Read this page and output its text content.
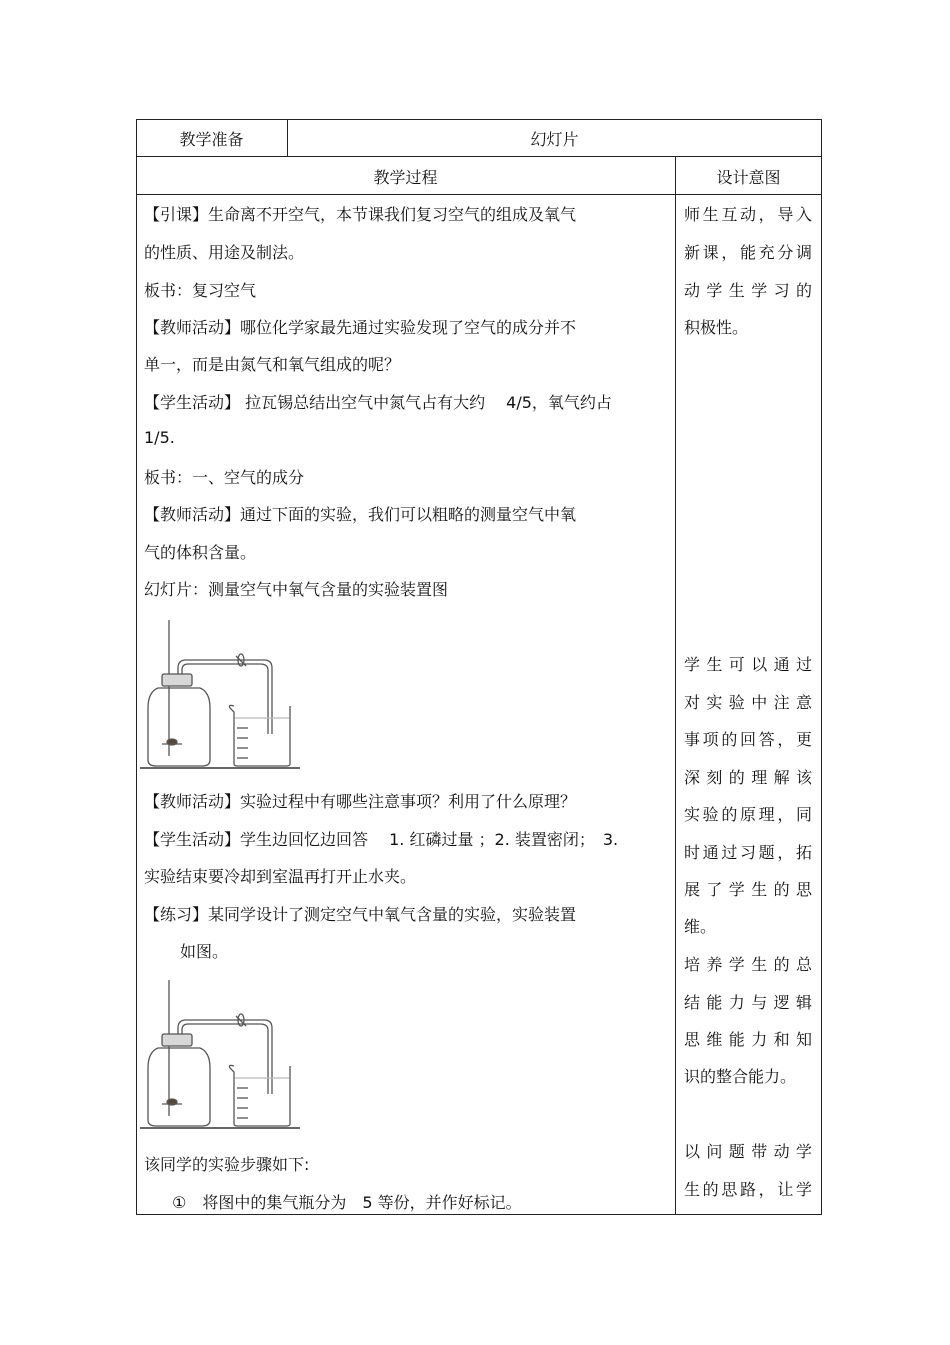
教学准备	幻灯片
教学过程	设计意图
【引课】生命离不开空气，本节课我们复习空气的组成及氧气
的性质、用途及制法。
板书：复习空气
【教师活动】哪位化学家最先通过实验发现了空气的成分并不
单一，而是由氮气和氧气组成的呢？
【学生活动】 拉瓦锡总结出空气中氮气占有大约　 4/5，氧气约占
1/5.
板书：一、空气的成分
【教师活动】通过下面的实验，我们可以粗略的测量空气中氧
气的体积含量。
幻灯片：测量空气中氧气含量的实验装置图
【教师活动】实验过程中有哪些注意事项？利用了什么原理？
【学生活动】学生边回忆边回答　 1. 红磷过量 ；2. 装置密闭；　3.
实验结束要冷却到室温再打开止水夹。
【练习】某同学设计了测定空气中氧气含量的实验，实验装置
如图。
该同学的实验步骤如下:
①　将图中的集气瓶分为　5 等份，并作好标记。
师生互动，导入
新课，能充分调
动学生学习的
积极性。
学生可以通过
对实验中注意
事项的回答，更
深刻的理解该
实验的原理，同
时通过习题，拓
展了学生的思
维。
培养学生的总
结能力与逻辑
思维能力和知
识的整合能力。
以问题带动学
生的思路，让学
